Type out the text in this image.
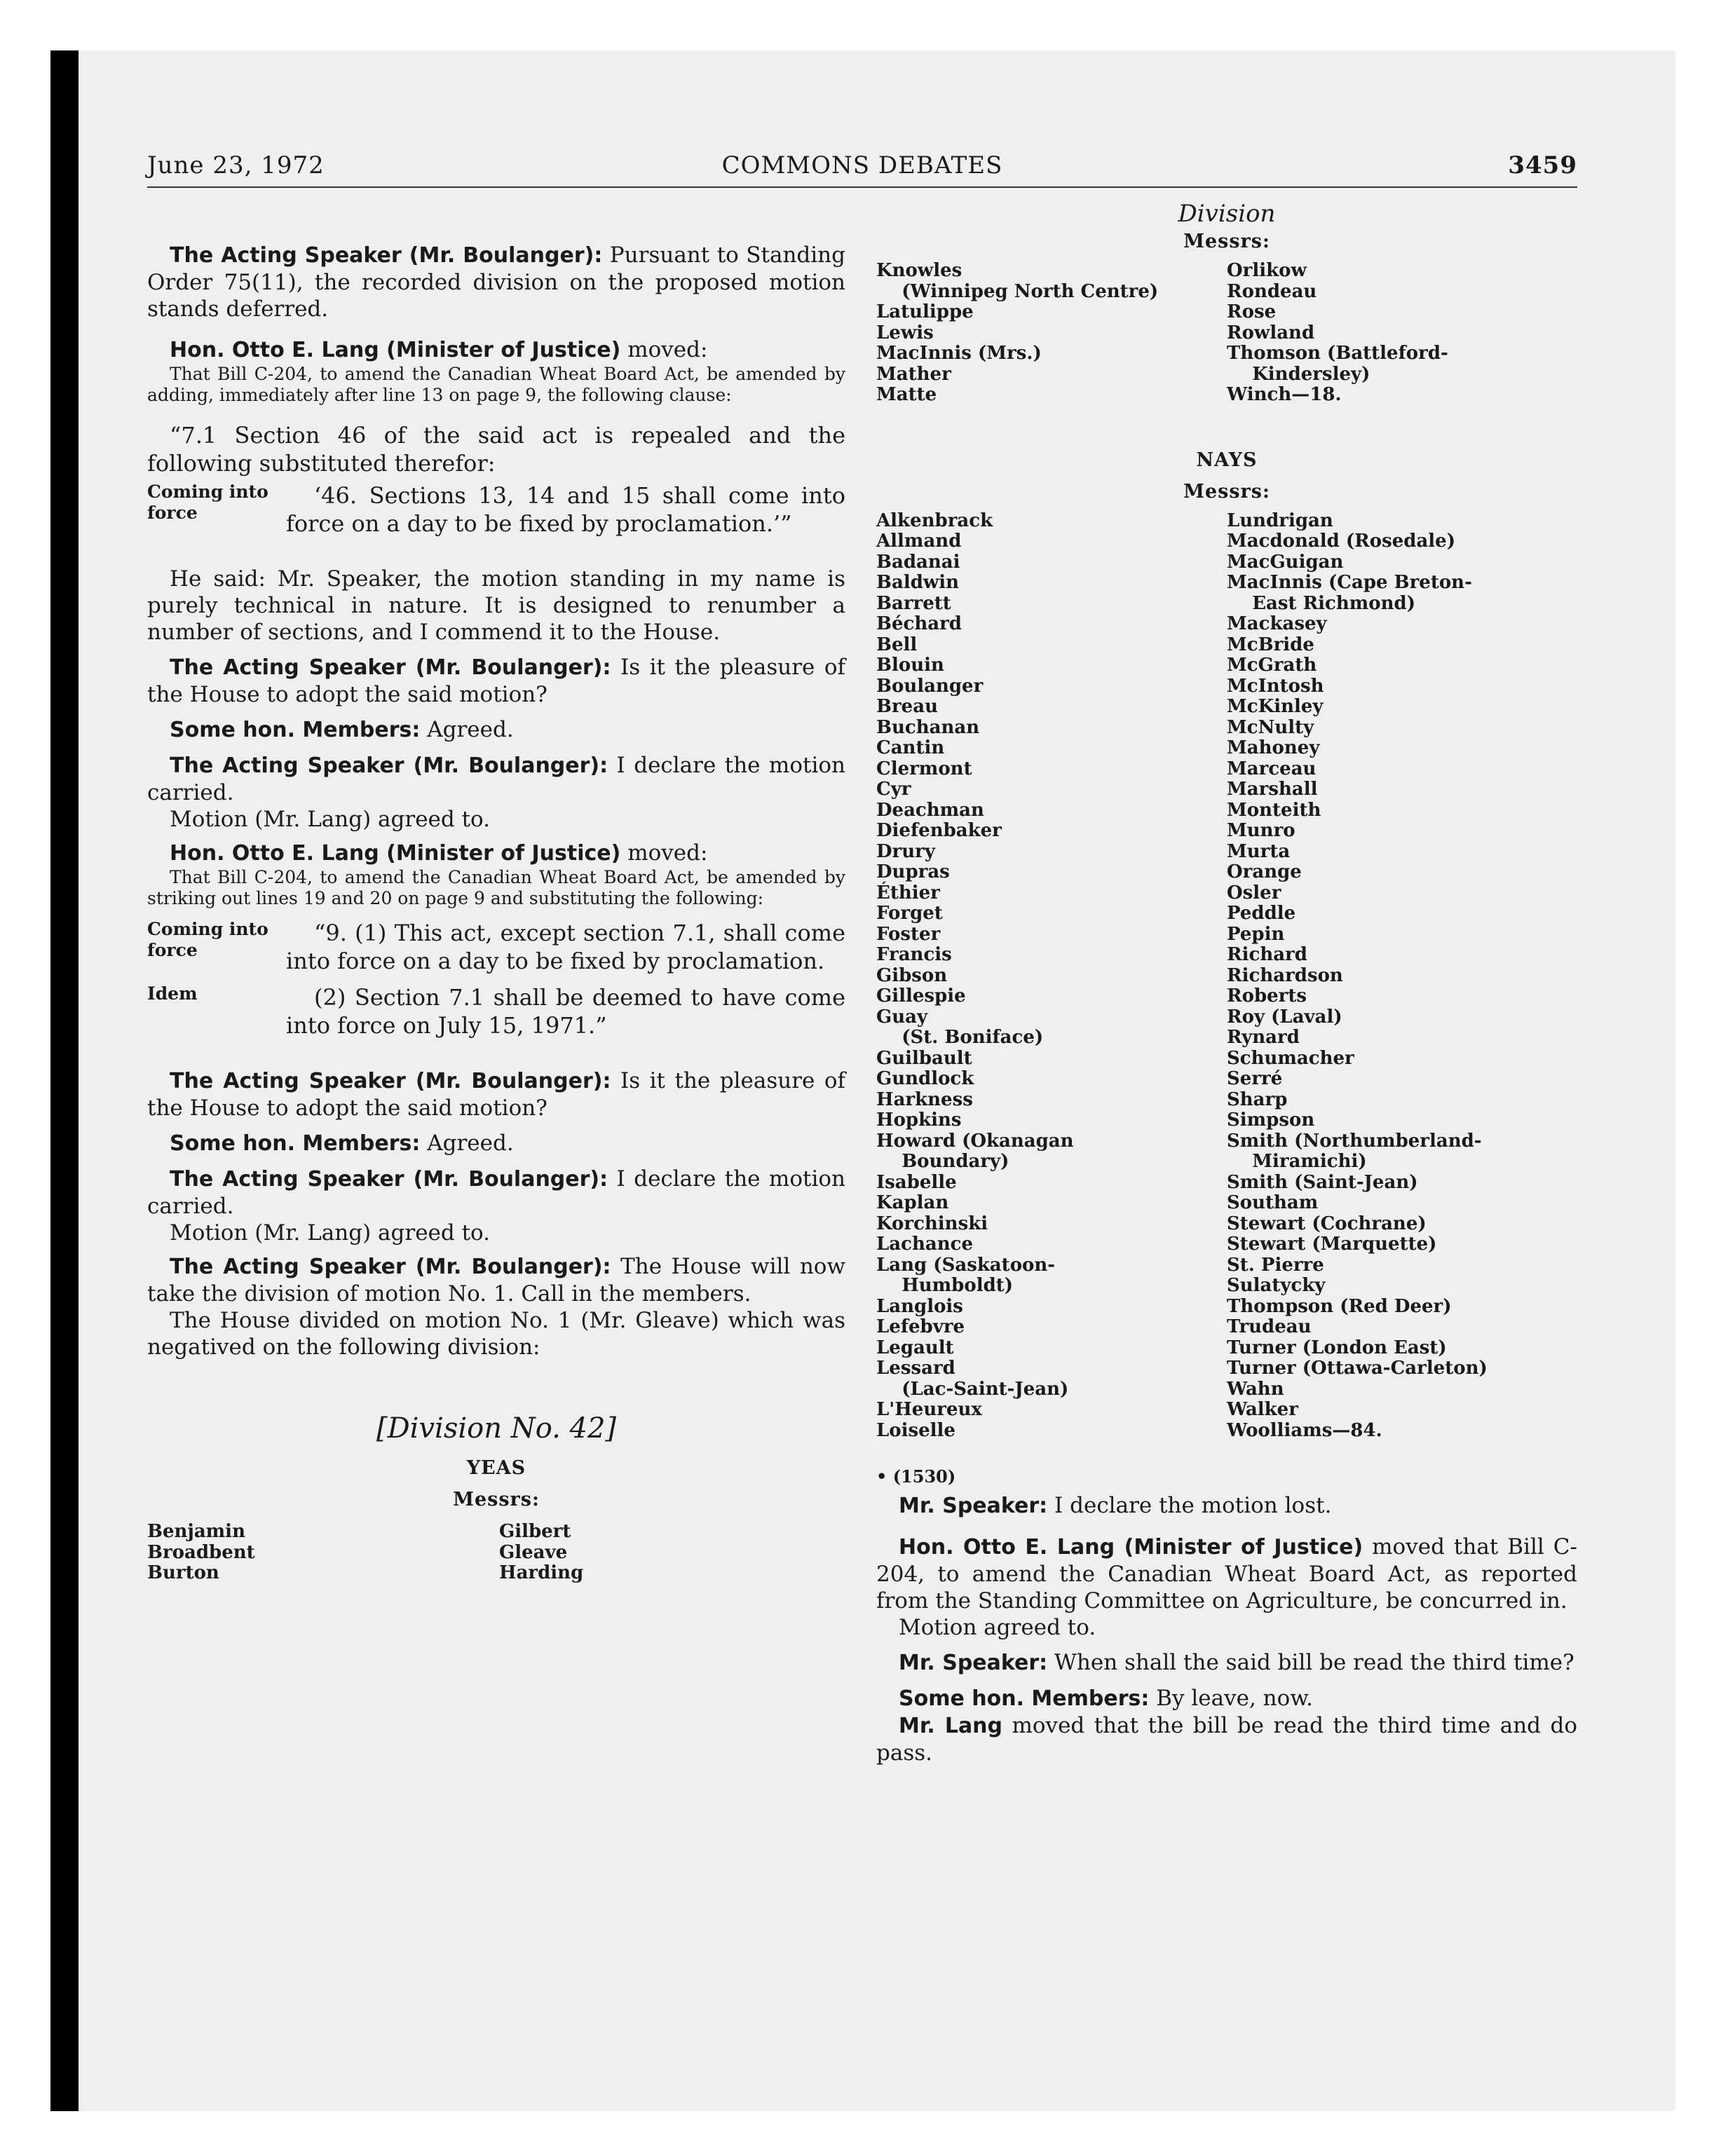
June 23, 1972	COMMONS DEBATES	3459

The Acting Speaker (Mr. Boulanger): Pursuant to Standing Order 75(11), the recorded division on the proposed motion stands deferred.

Hon. Otto E. Lang (Minister of Justice) moved:

That Bill C-204, to amend the Canadian Wheat Board Act, be amended by adding, immediately after line 13 on page 9, the following clause:

“7.1 Section 46 of the said act is repealed and the following substituted therefor:

Coming into force

‘46. Sections 13, 14 and 15 shall come into force on a day to be fixed by proclamation.’”

He said: Mr. Speaker, the motion standing in my name is purely technical in nature. It is designed to renumber a number of sections, and I commend it to the House.

The Acting Speaker (Mr. Boulanger): Is it the pleasure of the House to adopt the said motion?

Some hon. Members: Agreed.

The Acting Speaker (Mr. Boulanger): I declare the motion carried.

Motion (Mr. Lang) agreed to.

Hon. Otto E. Lang (Minister of Justice) moved:

That Bill C-204, to amend the Canadian Wheat Board Act, be amended by striking out lines 19 and 20 on page 9 and substituting the following:

Coming into force

“9. (1) This act, except section 7.1, shall come into force on a day to be fixed by proclamation.

Idem	(2) Section 7.1 shall be deemed to have come into force on July 15, 1971.”

The Acting Speaker (Mr. Boulanger): Is it the pleasure of the House to adopt the said motion?

Some hon. Members: Agreed.

The Acting Speaker (Mr. Boulanger): I declare the motion carried.

Motion (Mr. Lang) agreed to.

The Acting Speaker (Mr. Boulanger): The House will now take the division of motion No. 1. Call in the members.

The House divided on motion No. 1 (Mr. Gleave) which was negatived on the following division:

[Division No. 42]
YEAS
Messrs:
Benjamin
Broadbent
Burton
Gilbert
Gleave
Harding
Division
Messrs:
Knowles
(Winnipeg North Centre)
Latulippe
Lewis
MacInnis (Mrs.)
Mather
Matte
Orlikow
Rondeau
Rose
Rowland
Thomson (Battleford-
Kindersley)
Winch—18.
NAYS
Messrs:
Alkenbrack
Allmand
Badanai
Baldwin
Barrett
Béchard
Bell
Blouin
Boulanger
Breau
Buchanan
Cantin
Clermont
Cyr
Deachman
Diefenbaker
Drury
Dupras
Éthier
Forget
Foster
Francis
Gibson
Gillespie
Guay
(St. Boniface)
Guilbault
Gundlock
Harkness
Hopkins
Howard (Okanagan
Boundary)
Isabelle
Kaplan
Korchinski
Lachance
Lang (Saskatoon-
Humboldt)
Langlois
Lefebvre
Legault
Lessard
(Lac-Saint-Jean)
L'Heureux
Loiselle
Lundrigan
Macdonald (Rosedale)
MacGuigan
MacInnis (Cape Breton-
East Richmond)
Mackasey
McBride
McGrath
McIntosh
McKinley
McNulty
Mahoney
Marceau
Marshall
Monteith
Munro
Murta
Orange
Osler
Peddle
Pepin
Richard
Richardson
Roberts
Roy (Laval)
Rynard
Schumacher
Serré
Sharp
Simpson
Smith (Northumberland-
Miramichi)
Smith (Saint-Jean)
Southam
Stewart (Cochrane)
Stewart (Marquette)
St. Pierre
Sulatycky
Thompson (Red Deer)
Trudeau
Turner (London East)
Turner (Ottawa-Carleton)
Wahn
Walker
Woolliams—84.
• (1530)

Mr. Speaker: I declare the motion lost.

Hon. Otto E. Lang (Minister of Justice) moved that Bill C-204, to amend the Canadian Wheat Board Act, as reported from the Standing Committee on Agriculture, be concurred in.

Motion agreed to.

Mr. Speaker: When shall the said bill be read the third time?

Some hon. Members: By leave, now.

Mr. Lang moved that the bill be read the third time and do pass.
